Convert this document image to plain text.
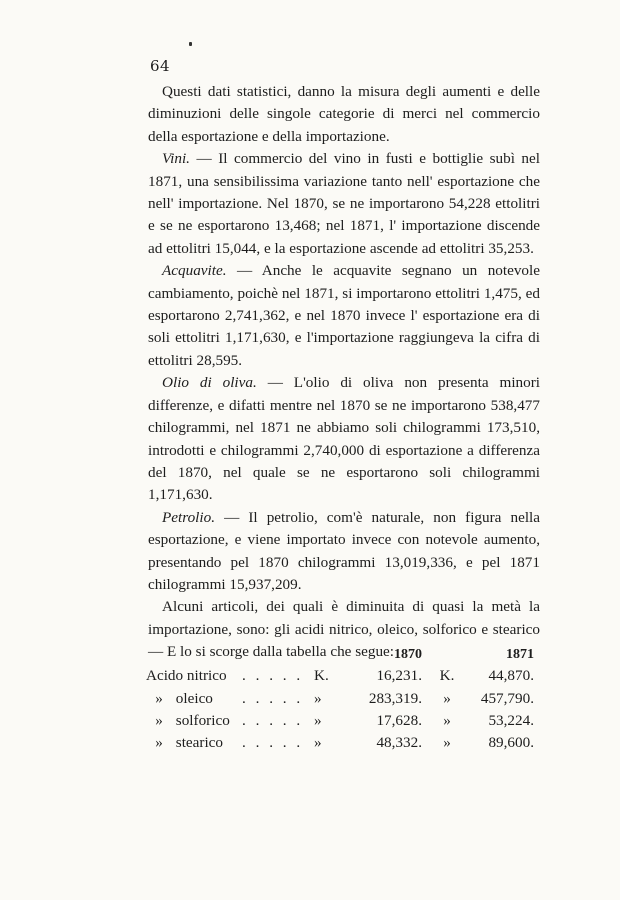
64

Questi dati statistici, danno la misura degli aumenti e delle diminuzioni delle singole categorie di merci nel commercio della esportazione e della importazione.

Vini. — Il commercio del vino in fusti e bottiglie subì nel 1871, una sensibilissima variazione tanto nell' esportazione che nell' importazione. Nel 1870, se ne importarono 54,228 ettolitri e se ne esportarono 13,468; nel 1871, l' importazione discende ad ettolitri 15,044, e la esportazione ascende ad ettolitri 35,253.

Acquavite. — Anche le acquavite segnano un notevole cambiamento, poichè nel 1871, si importarono ettolitri 1,475, ed esportarono 2,741,362, e nel 1870 invece l' esportazione era di soli ettolitri 1,171,630, e l'importazione raggiungeva la cifra di ettolitri 28,595.

Olio di oliva. — L'olio di oliva non presenta minori differenze, e difatti mentre nel 1870 se ne importarono 538,477 chilogrammi, nel 1871 ne abbiamo soli chilogrammi 173,510, introdotti e chilogrammi 2,740,000 di esportazione a differenza del 1870, nel quale se ne esportarono soli chilogrammi 1,171,630.

Petrolio. — Il petrolio, com'è naturale, non figura nella esportazione, e viene importato invece con notevole aumento, presentando pel 1870 chilogrammi 13,019,336, e pel 1871 chilogrammi 15,937,209.

Alcuni articoli, dei quali è diminuita di quasi la metà la importazione, sono: gli acidi nitrico, oleico, solforico e stearico — E lo si scorge dalla tabella che segue:

			1870		1871
Acido nitrico	. . . . .	K.	16,231.	K.	44,870.
» oleico	. . . . .	»	283,319.	»	457,790.
» solforico	. . . . .	»	17,628.	»	53,224.
» stearico	. . . . .	»	48,332.	»	89,600.
